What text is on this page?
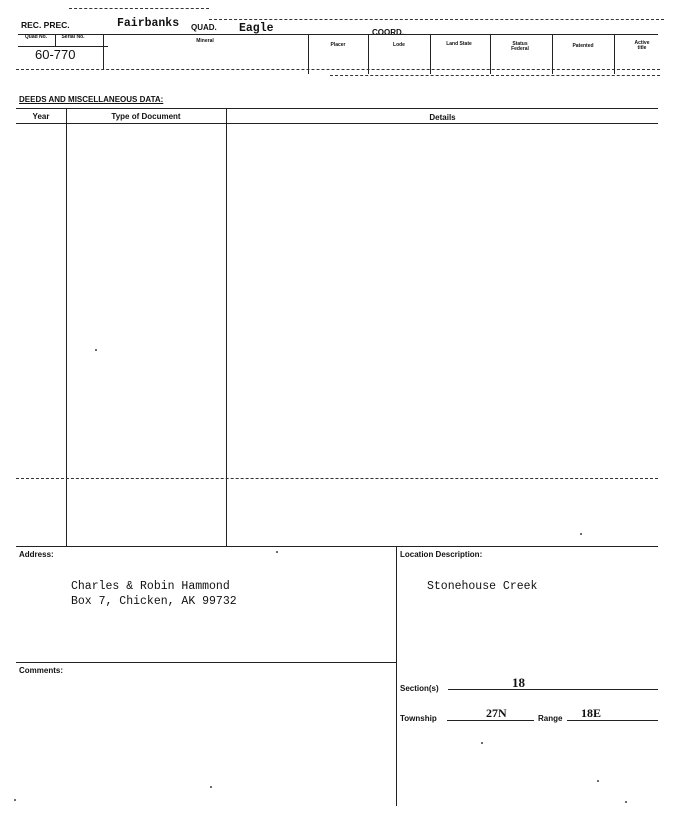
REC. PREC.	Fairbanks QUAD. Eagle	COORD.
Quad No.	Serial No.
Mineral
Placer	Lode	Land State	Status Federal	Patented	Active title
60-770
DEEDS AND MISCELLANEOUS DATA:
Year	Type of Document	Details
Address:
Charles & Robin Hammond
Box 7, Chicken, AK 99732
Comments:
Location Description:
Stonehouse Creek
Section(s)	18
Township	27N	Range 18E
